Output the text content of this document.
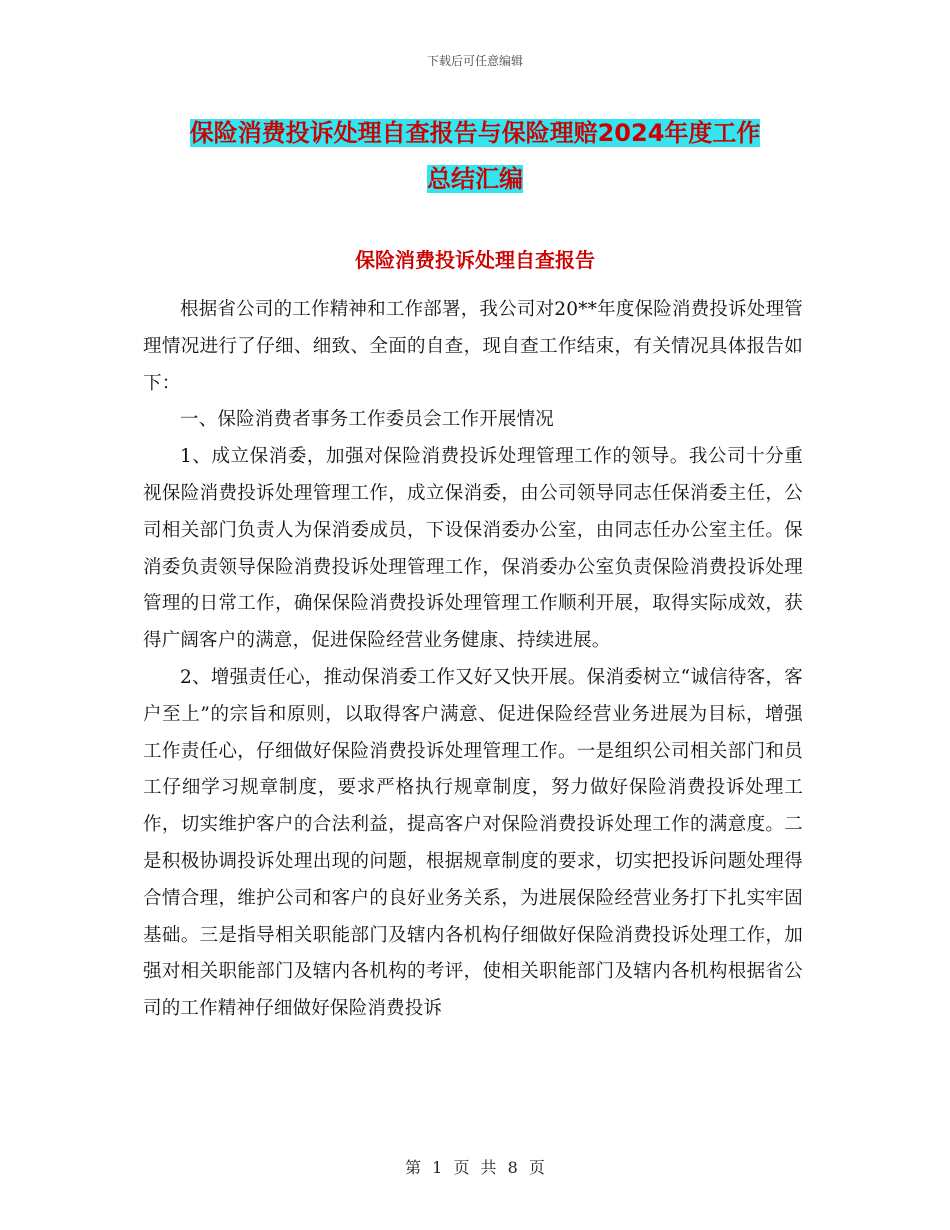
下载后可任意编辑
保险消费投诉处理自查报告与保险理赔2024年度工作
总结汇编
保险消费投诉处理自查报告

根据省公司的工作精神和工作部署，我公司对20**年度保险消费投诉处理管理情况进行了仔细、细致、全面的自查，现自查工作结束，有关情况具体报告如下：

一、保险消费者事务工作委员会工作开展情况

1、成立保消委，加强对保险消费投诉处理管理工作的领导。我公司十分重视保险消费投诉处理管理工作，成立保消委，由公司领导同志任保消委主任，公司相关部门负责人为保消委成员，下设保消委办公室，由同志任办公室主任。保消委负责领导保险消费投诉处理管理工作，保消委办公室负责保险消费投诉处理管理的日常工作，确保保险消费投诉处理管理工作顺利开展，取得实际成效，获得广阔客户的满意，促进保险经营业务健康、持续进展。

2、增强责任心，推动保消委工作又好又快开展。保消委树立“诚信待客，客户至上”的宗旨和原则，以取得客户满意、促进保险经营业务进展为目标，增强工作责任心，仔细做好保险消费投诉处理管理工作。一是组织公司相关部门和员工仔细学习规章制度，要求严格执行规章制度，努力做好保险消费投诉处理工作，切实维护客户的合法利益，提高客户对保险消费投诉处理工作的满意度。二是积极协调投诉处理出现的问题，根据规章制度的要求，切实把投诉问题处理得合情合理，维护公司和客户的良好业务关系，为进展保险经营业务打下扎实牢固基础。三是指导相关职能部门及辖内各机构仔细做好保险消费投诉处理工作，加强对相关职能部门及辖内各机构的考评，使相关职能部门及辖内各机构根据省公司的工作精神仔细做好保险消费投诉

第 1 页 共 8 页
